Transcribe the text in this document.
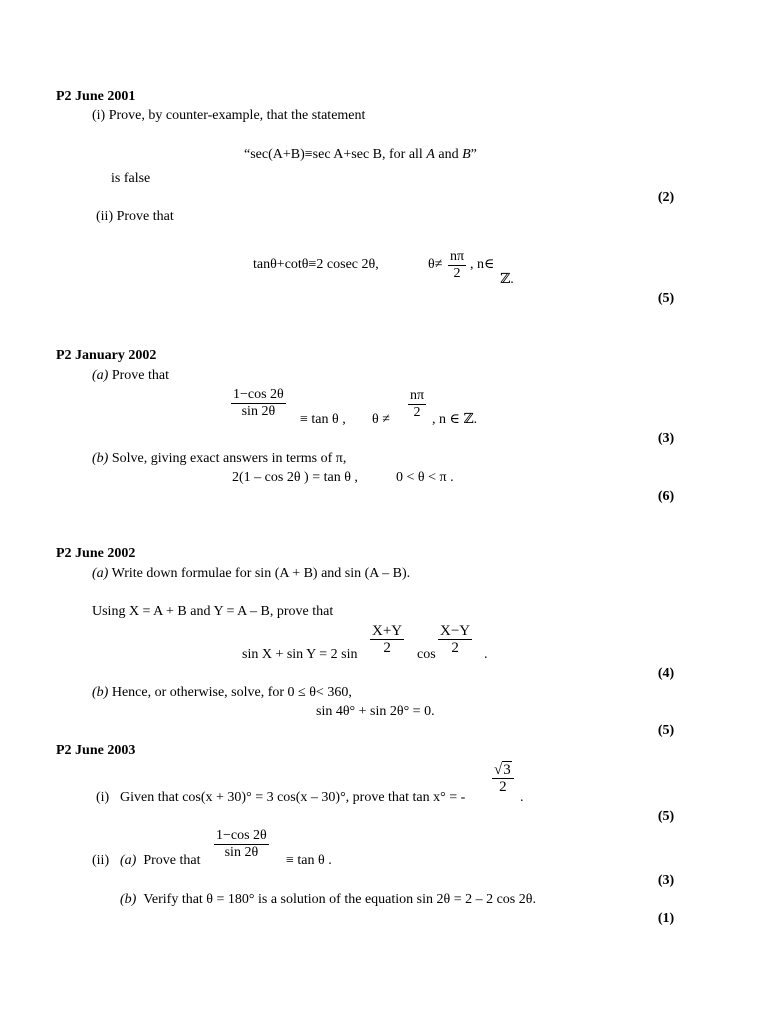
P2 June 2001
(i) Prove, by counter-example, that the statement
“sec(A+B)≡sec A+sec B, for all A and B”
is false
(2)
(ii) Prove that
tanθ+cotθ≡2 cosec 2θ,	θ≠
nπ
2
, n∈
ℤ.
(5)
P2 January 2002
(a) Prove that
1−cos 2θ
sin 2θ
≡ tan θ , θ ≠
nπ
2 , n ∈ ℤ.
(3)
(b) Solve, giving exact answers in terms of π,
2(1 – cos 2θ ) = tan θ ,	0 < θ < π .
(6)
P2 June 2002
(a) Write down formulae for sin (A + B) and sin (A – B).
Using X = A + B and Y = A – B, prove that
sin X + sin Y = 2 sin
X+Y
2	cos
X−Y
2	.
(4)
(b) Hence, or otherwise, solve, for 0 ≤ θ< 360,
sin 4θ° + sin 2θ° = 0.
(5)
P2 June 2003
(i) Given that cos(x + 30)° = 3 cos(x – 30)°, prove that tan x° = -
√3
2
.
(5)
(ii) (a) Prove that
1−cos 2θ
sin 2θ
≡ tan θ .
(3)
(b) Verify that θ = 180° is a solution of the equation sin 2θ = 2 – 2 cos 2θ.
(1)
